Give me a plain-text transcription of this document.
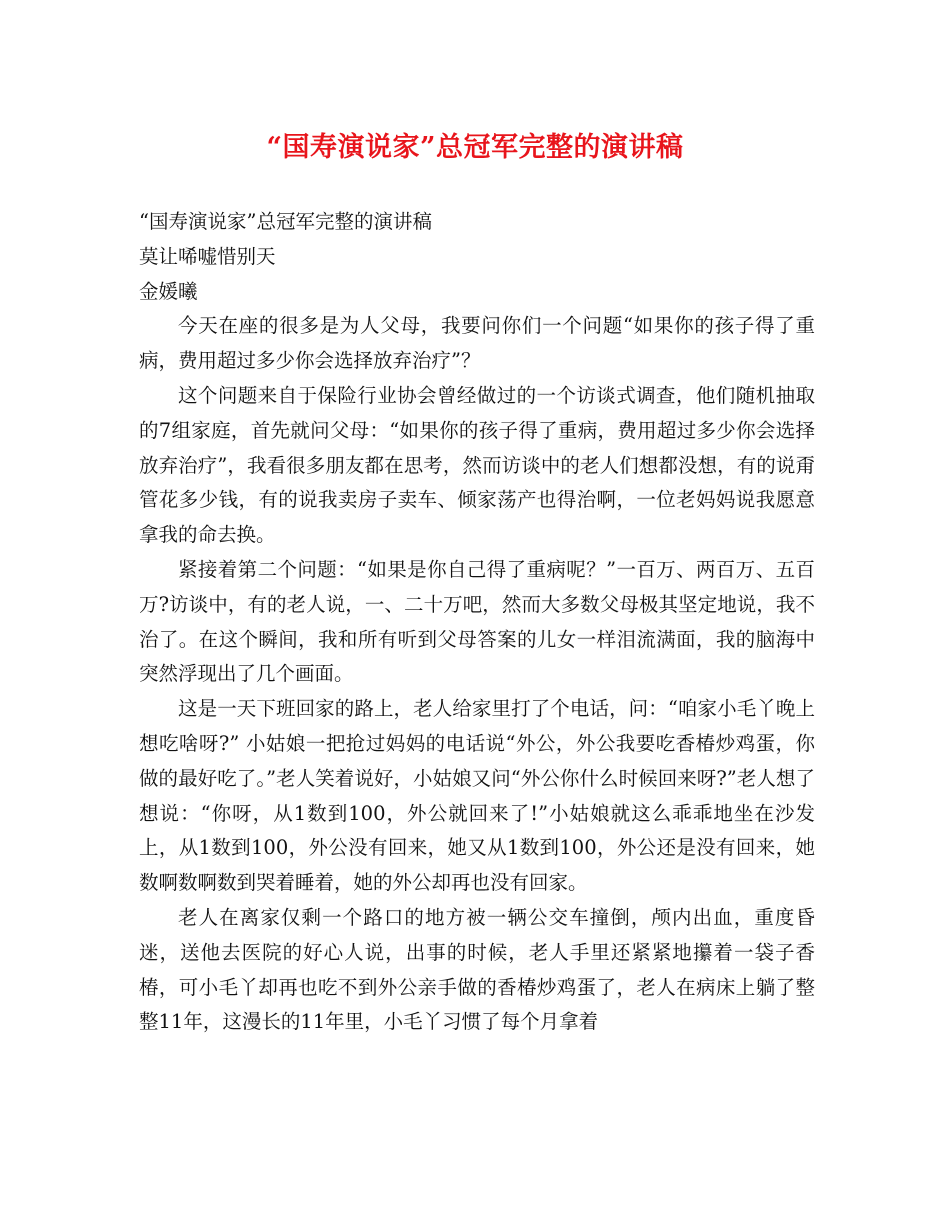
“国寿演说家”总冠军完整的演讲稿

“国寿演说家”总冠军完整的演讲稿

莫让唏嘘惜别天

金媛曦

今天在座的很多是为人父母，我要问你们一个问题“如果你的孩子得了重病，费用超过多少你会选择放弃治疗”？

这个问题来自于保险行业协会曾经做过的一个访谈式调查，他们随机抽取的7组家庭，首先就问父母：“如果你的孩子得了重病，费用超过多少你会选择放弃治疗”，我看很多朋友都在思考，然而访谈中的老人们想都没想，有的说甭管花多少钱，有的说我卖房子卖车、倾家荡产也得治啊，一位老妈妈说我愿意拿我的命去换。

紧接着第二个问题：“如果是你自己得了重病呢？”一百万、两百万、五百万?访谈中，有的老人说，一、二十万吧，然而大多数父母极其坚定地说，我不治了。在这个瞬间，我和所有听到父母答案的儿女一样泪流满面，我的脑海中突然浮现出了几个画面。

这是一天下班回家的路上，老人给家里打了个电话，问：“咱家小毛丫晚上想吃啥呀?” 小姑娘一把抢过妈妈的电话说“外公，外公我要吃香椿炒鸡蛋，你做的最好吃了。”老人笑着说好，小姑娘又问“外公你什么时候回来呀?”老人想了想说：“你呀，从1数到100，外公就回来了!”小姑娘就这么乖乖地坐在沙发上，从1数到100，外公没有回来，她又从1数到100，外公还是没有回来，她数啊数啊数到哭着睡着，她的外公却再也没有回家。

老人在离家仅剩一个路口的地方被一辆公交车撞倒，颅内出血，重度昏迷，送他去医院的好心人说，出事的时候，老人手里还紧紧地攥着一袋子香椿，可小毛丫却再也吃不到外公亲手做的香椿炒鸡蛋了，老人在病床上躺了整整11年，这漫长的11年里，小毛丫习惯了每个月拿着
